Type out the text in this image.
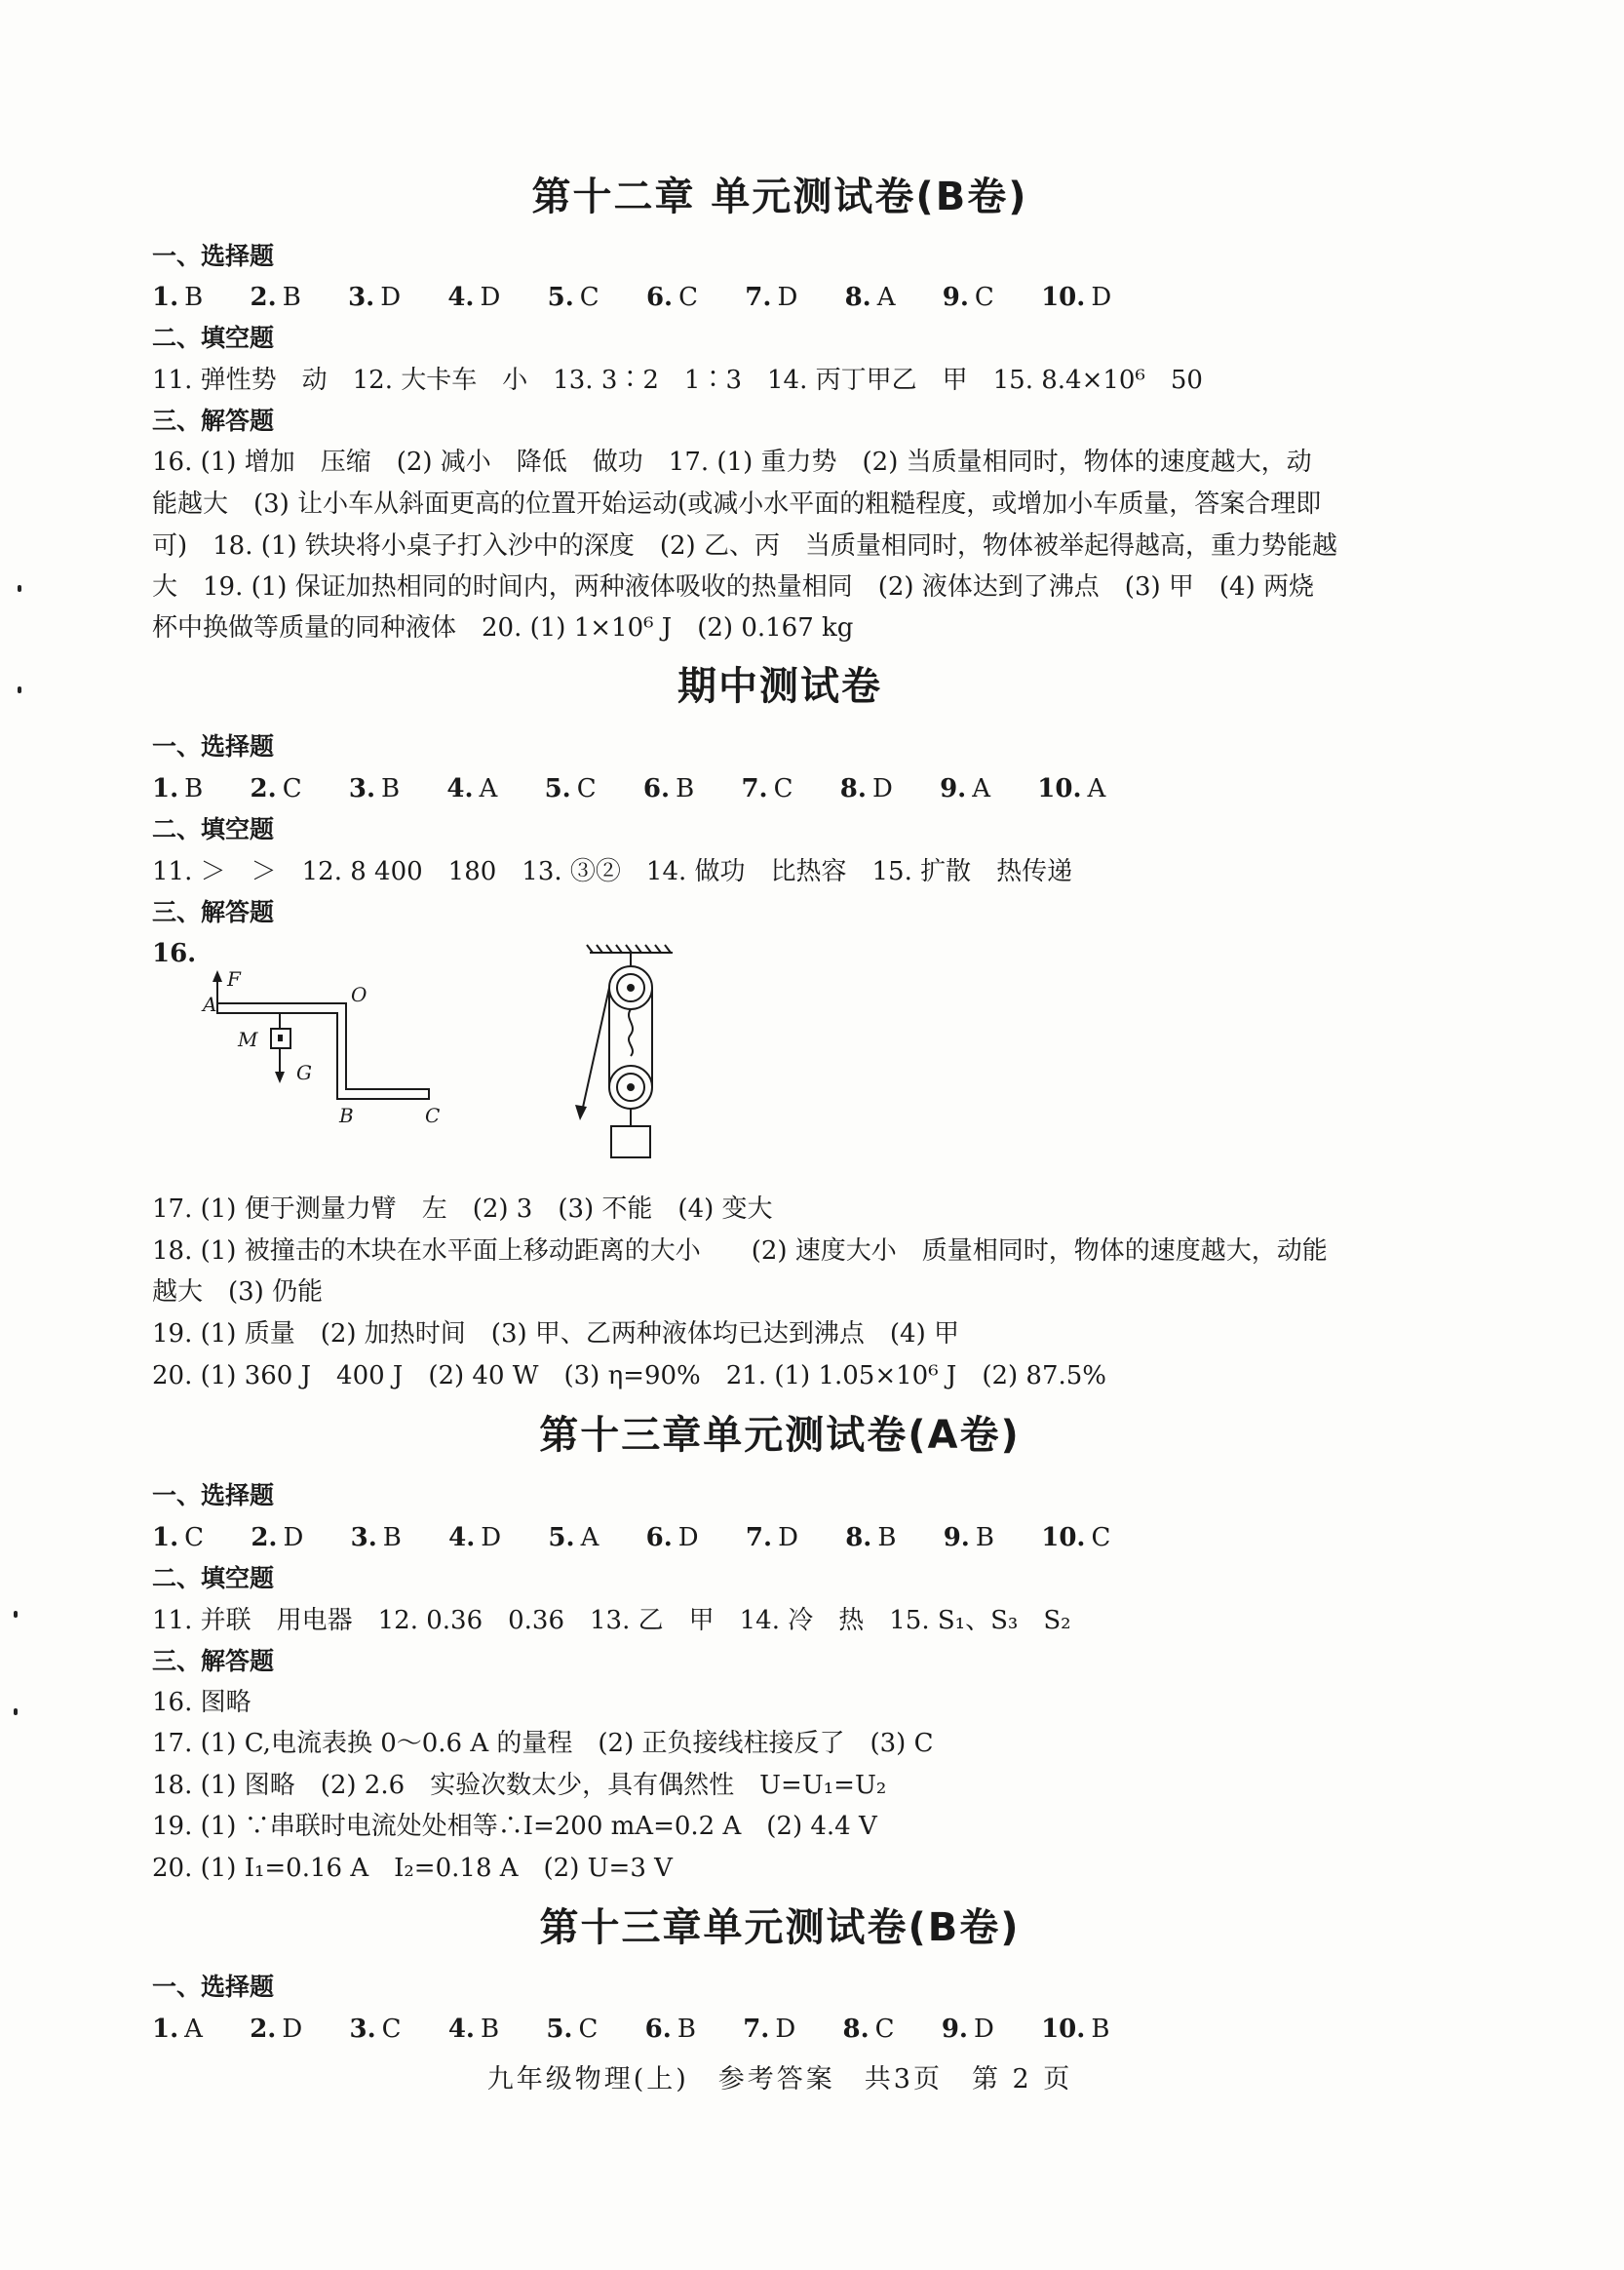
第十二章 单元测试卷(B卷)
一、选择题
1. B 2. B 3. D 4. D 5. C 6. C 7. D 8. A 9. C 10. D
二、填空题
11. 弹性势　动　12. 大卡车　小　13. 3∶2　1∶3　14. 丙丁甲乙　甲　15. 8.4×10⁶　50
三、解答题
16. (1) 增加　压缩　(2) 减小　降低　做功　17. (1) 重力势　(2) 当质量相同时，物体的速度越大，动
能越大　(3) 让小车从斜面更高的位置开始运动(或减小水平面的粗糙程度，或增加小车质量，答案合理即
可)　18. (1) 铁块将小桌子打入沙中的深度　(2) 乙、丙　当质量相同时，物体被举起得越高，重力势能越
大　19. (1) 保证加热相同的时间内，两种液体吸收的热量相同　(2) 液体达到了沸点　(3) 甲　(4) 两烧
杯中换做等质量的同种液体　20. (1) 1×10⁶ J　(2) 0.167 kg
期中测试卷
一、选择题
1. B 2. C 3. B 4. A 5. C 6. B 7. C 8. D 9. A 10. A
二、填空题
11. ＞　＞　12. 8 400　180　13. ③②　14. 做功　比热容　15. 扩散　热传递
三、解答题
16.
F
A	O
M
G
B	C
17. (1) 便于测量力臂　左　(2) 3　(3) 不能　(4) 变大
18. (1) 被撞击的木块在水平面上移动距离的大小　　(2) 速度大小　质量相同时，物体的速度越大，动能
越大　(3) 仍能
19. (1) 质量　(2) 加热时间　(3) 甲、乙两种液体均已达到沸点　(4) 甲
20. (1) 360 J　400 J　(2) 40 W　(3) η=90%　21. (1) 1.05×10⁶ J　(2) 87.5%
第十三章单元测试卷(A卷)
一、选择题
1. C 2. D 3. B 4. D 5. A 6. D 7. D 8. B 9. B 10. C
二、填空题
11. 并联　用电器　12. 0.36　0.36　13. 乙　甲　14. 冷　热　15. S₁、S₃　S₂
三、解答题
16. 图略
17. (1) C,电流表换 0～0.6 A 的量程　(2) 正负接线柱接反了　(3) C
18. (1) 图略　(2) 2.6　实验次数太少，具有偶然性　U=U₁=U₂
19. (1) ∵串联时电流处处相等∴I=200 mA=0.2 A　(2) 4.4 V
20. (1) I₁=0.16 A　I₂=0.18 A　(2) U=3 V
第十三章单元测试卷(B卷)
一、选择题
1. A 2. D 3. C 4. B 5. C 6. B 7. D 8. C 9. D 10. B
九年级物理(上)　参考答案　共3页　第 2 页
